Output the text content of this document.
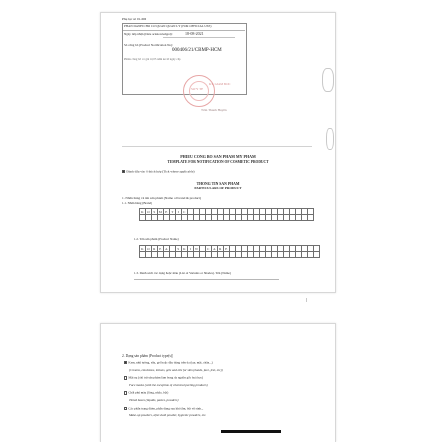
Phụ lục số 01-MP
PHẦN DÀNH CHO CƠ QUAN QUẢN LÝ (FOR OFFICIAL USE)
Ngày tiếp nhận (Date acknowledged):	18-08-2021
Số công bố (Product Notification No):
000406/21/CBMP-HCM
Phiếu công bố có giá trị 05 năm kể từ ngày cấp
SỞ Y TẾ
KT. GIÁM ĐỐC
Trần Thanh Huyền
PHIẾU CÔNG BỐ SẢN PHẨM MỸ PHẨM
TEMPLATE FOR NOTIFICATION OF COSMETIC PRODUCT
Đánh dấu vào ô thích hợp (Tick where applicable)
THÔNG TIN SẢN PHẨM
PARTICULARS OF PRODUCT
1. Nhãn hàng và tên sản phẩm (Name of brand & product)
1.1. Nhãn hàng (Brand)
K	O	S	M	E	T	I	C
1.2. Tên sản phẩm (Product Name)
K	O	R	E	A	S	K	I	N	C	A	R	E
1.3. Danh sách các dạng hoặc màu (List of Variants or Shades). Tên (Name)
2. Dạng sản phẩm (Product type(s))
Kem, nhũ tương, sữa, gel hoặc dầu dùng trên da (tay, mặt, chân...)
(Creams, emulsions, lotions, gels and oils for skin (hands, face, feet, etc))
Mặt nạ (chỉ trừ sản phẩm làm bong da nguồn gốc hoá học)
Face masks (with the exception of chemical peeling products)
Chất phủ màu (lỏng, nhão, bột)
Tinted bases (liquids, pastes, powders)
Các phấn trang điểm, phấn dùng sau khi tắm, bột vệ sinh...
Make-up powders, after-bath powder, hygienic powders, etc.
